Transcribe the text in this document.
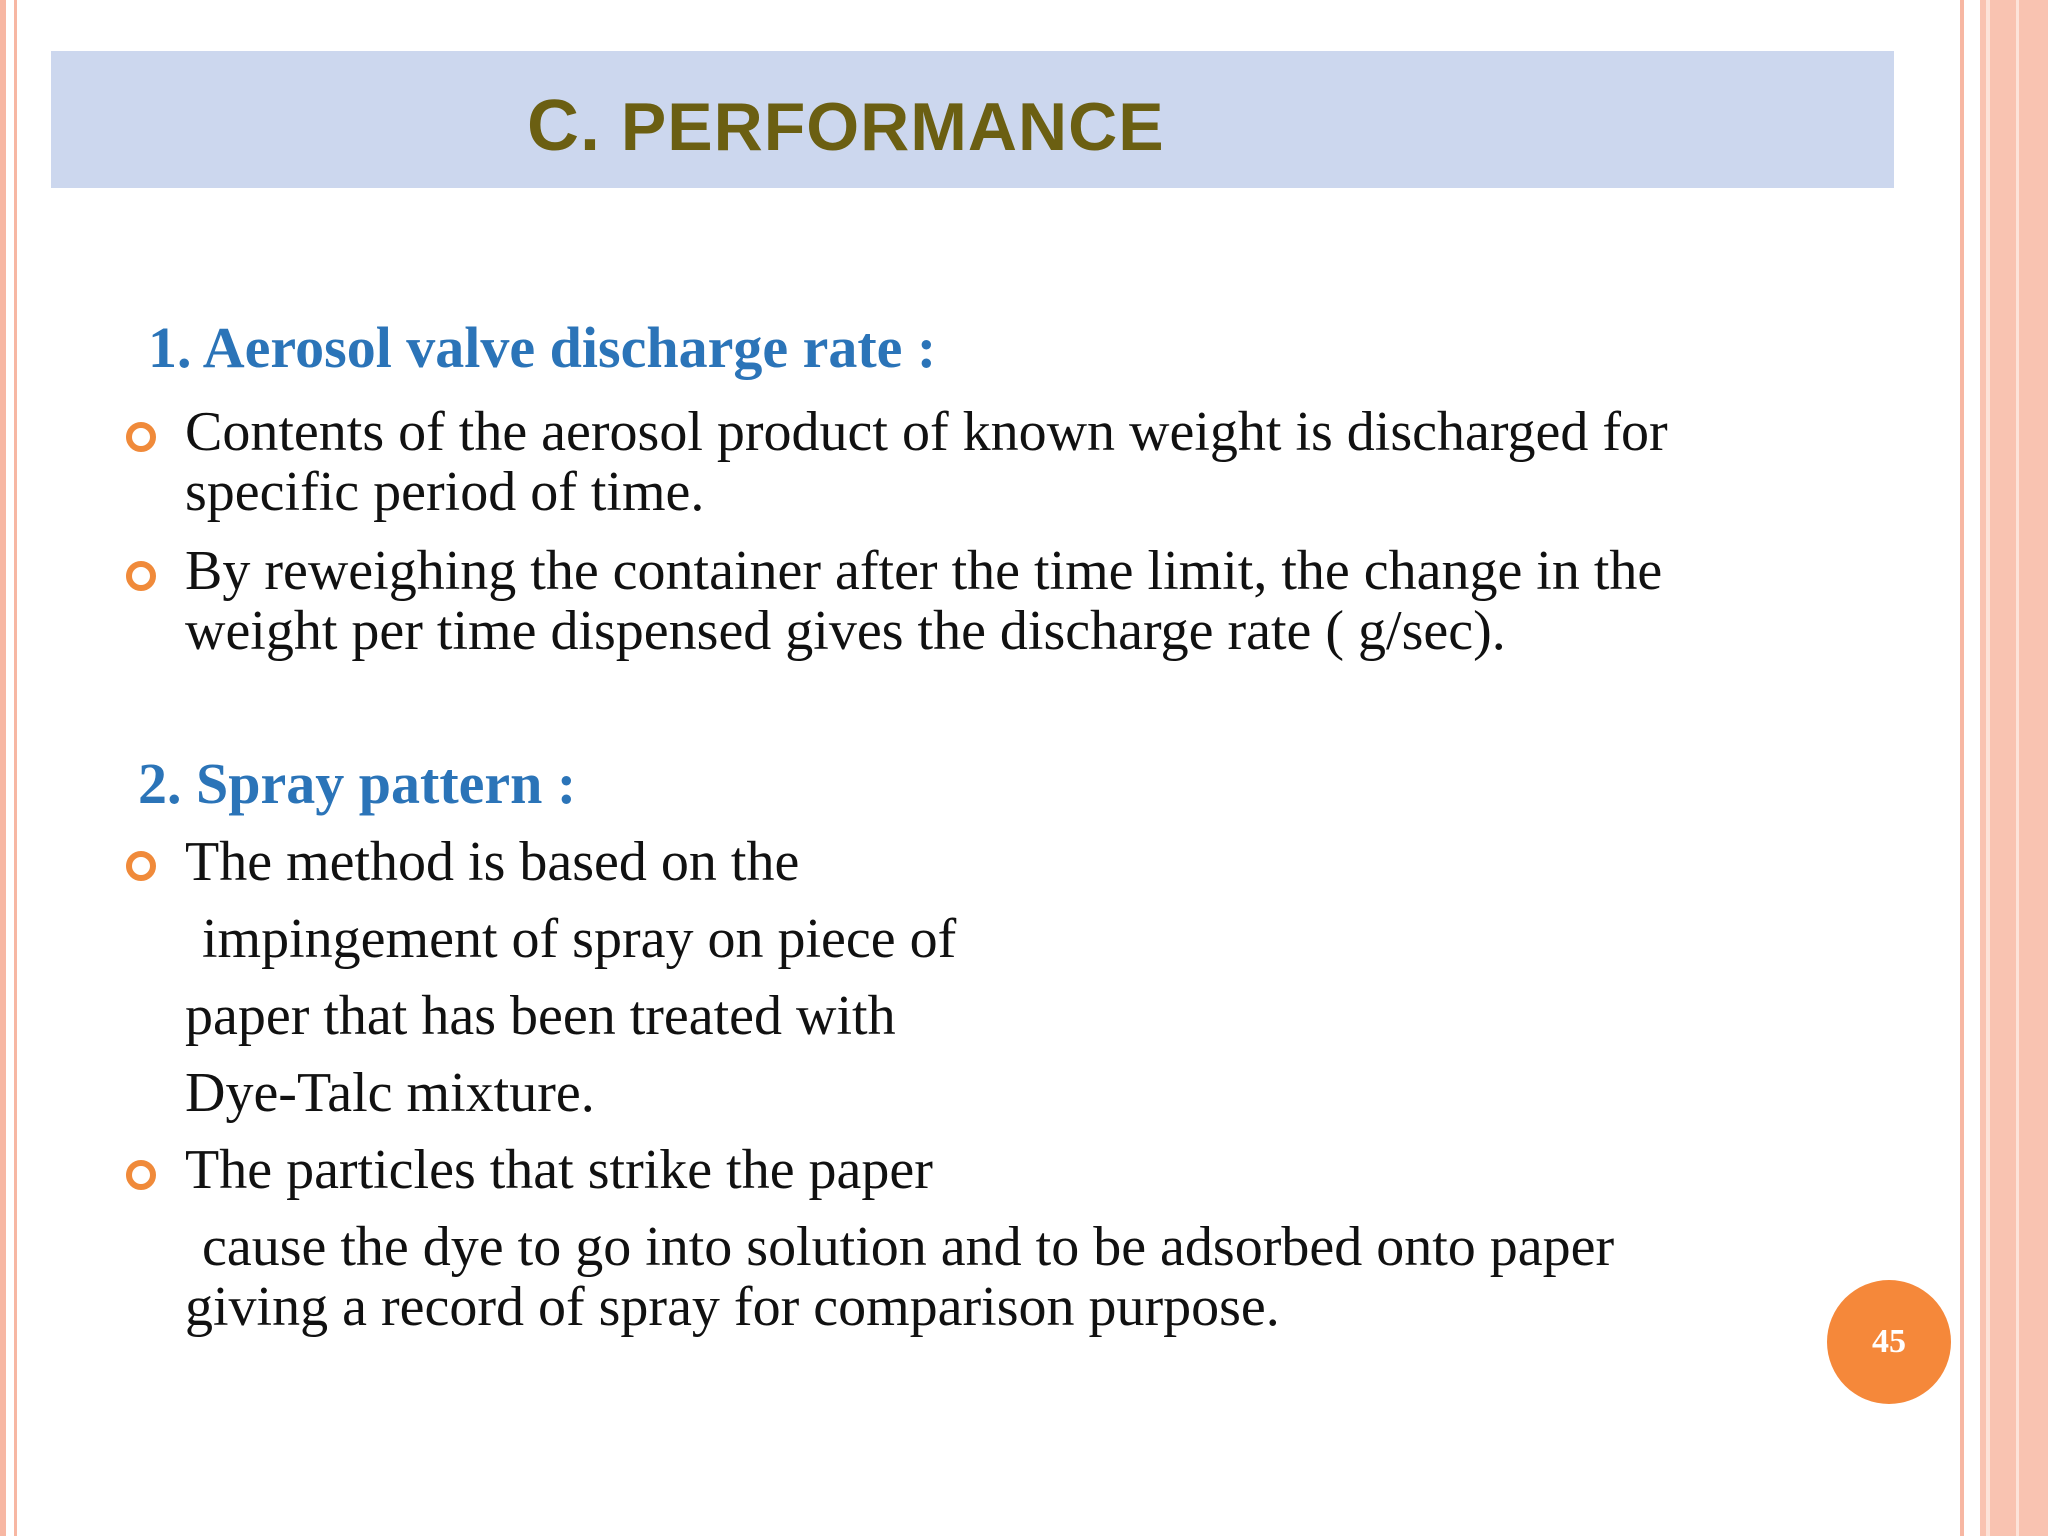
C. PERFORMANCE
1. Aerosol valve discharge rate :
Contents of the aerosol product of known weight is discharged for
specific period of time.
By reweighing the container after the time limit, the change in the
weight per time dispensed gives the discharge rate ( g/sec).
2. Spray pattern :
The method is based on the
impingement of spray on piece of
paper that has been treated with
Dye-Talc mixture.
The particles that strike the paper
cause the dye to go into solution and to be adsorbed onto paper
giving a record of spray for comparison purpose.
45
